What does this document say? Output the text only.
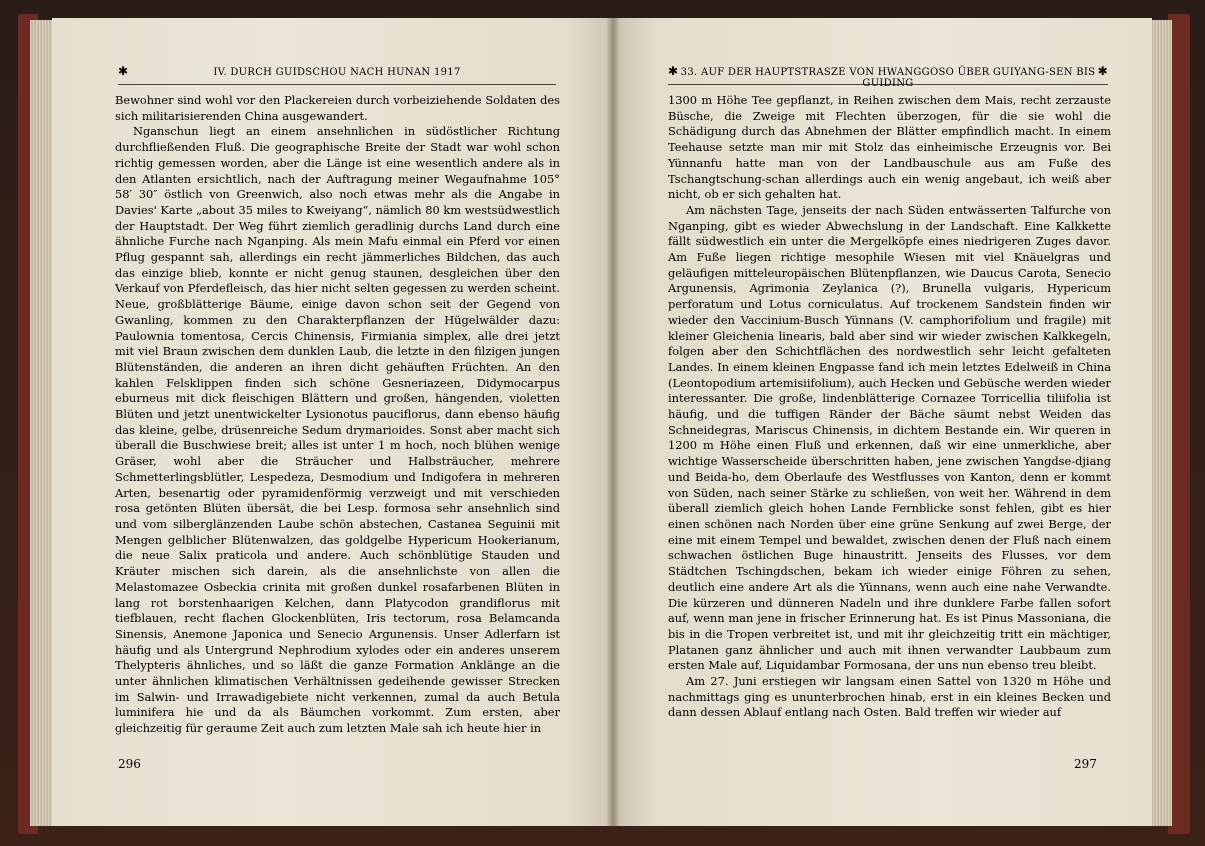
✱	IV. DURCH GUIDSCHOU NACH HUNAN 1917

Bewohner sind wohl vor den Plackereien durch vorbeiziehende Soldaten des sich militarisierenden China ausgewandert.

Nganschun liegt an einem ansehnlichen in südöstlicher Richtung durchfließenden Fluß. Die geographische Breite der Stadt war wohl schon richtig gemessen worden, aber die Länge ist eine wesentlich andere als in den Atlanten ersichtlich, nach der Auftragung meiner Wegaufnahme 105° 58′ 30″ östlich von Greenwich, also noch etwas mehr als die Angabe in Davies' Karte „about 35 miles to Kweiyang“, nämlich 80 km westsüdwestlich der Hauptstadt. Der Weg führt ziemlich geradlinig durchs Land durch eine ähnliche Furche nach Nganping. Als mein Mafu einmal ein Pferd vor einen Pflug gespannt sah, allerdings ein recht jämmerliches Bildchen, das auch das einzige blieb, konnte er nicht genug staunen, desgleichen über den Verkauf von Pferdefleisch, das hier nicht selten gegessen zu werden scheint. Neue, großblätterige Bäume, einige davon schon seit der Gegend von Gwanling, kommen zu den Charakterpflanzen der Hügelwälder dazu: Paulownia tomentosa, Cercis Chinensis, Firmiania simplex, alle drei jetzt mit viel Braun zwischen dem dunklen Laub, die letzte in den filzigen jungen Blütenständen, die anderen an ihren dicht gehäuften Früchten. An den kahlen Felsklippen finden sich schöne Gesneriazeen, Didymocarpus eburneus mit dick fleischigen Blättern und großen, hängenden, violetten Blüten und jetzt unentwickelter Lysionotus pauciflorus, dann ebenso häufig das kleine, gelbe, drüsenreiche Sedum drymarioides. Sonst aber macht sich überall die Buschwiese breit; alles ist unter 1 m hoch, noch blühen wenige Gräser, wohl aber die Sträucher und Halbsträucher, mehrere Schmetterlingsblütler, Lespedeza, Desmodium und Indigofera in mehreren Arten, besenartig oder pyramidenförmig verzweigt und mit verschieden rosa getönten Blüten übersät, die bei Lesp. formosa sehr ansehnlich sind und vom silberglänzenden Laube schön abstechen, Castanea Seguinii mit Mengen gelblicher Blütenwalzen, das goldgelbe Hypericum Hookerianum, die neue Salix praticola und andere. Auch schönblütige Stauden und Kräuter mischen sich darein, als die ansehnlichste von allen die Melastomazee Osbeckia crinita mit großen dunkel rosafarbenen Blüten in lang rot borstenhaarigen Kelchen, dann Platycodon grandiflorus mit tiefblauen, recht flachen Glockenblüten, Iris tectorum, rosa Belamcanda Sinensis, Anemone Japonica und Senecio Argunensis. Unser Adlerfarn ist häufig und als Untergrund Nephrodium xylodes oder ein anderes unserem Thelypteris ähnliches, und so läßt die ganze Formation Anklänge an die unter ähnlichen klimatischen Verhältnissen gedeihende gewisser Strecken im Salwin- und Irrawadigebiete nicht verkennen, zumal da auch Betula luminifera hie und da als Bäumchen vorkommt. Zum ersten, aber gleichzeitig für geraume Zeit auch zum letzten Male sah ich heute hier in

296
✱ 33. AUF DER HAUPTSTRASZE VON HWANGGOSO ÜBER GUIYANG-SEN BIS GUIDING
✱

1300 m Höhe Tee gepflanzt, in Reihen zwischen dem Mais, recht zerzauste Büsche, die Zweige mit Flechten überzogen, für die sie wohl die Schädigung durch das Abnehmen der Blätter empfindlich macht. In einem Teehause setzte man mir mit Stolz das einheimische Erzeugnis vor. Bei Yünnanfu hatte man von der Landbauschule aus am Fuße des Tschangtschung-schan allerdings auch ein wenig angebaut, ich weiß aber nicht, ob er sich gehalten hat.

Am nächsten Tage, jenseits der nach Süden entwässerten Talfurche von Nganping, gibt es wieder Abwechslung in der Landschaft. Eine Kalkkette fällt südwestlich ein unter die Mergelköpfe eines niedrigeren Zuges davor. Am Fuße liegen richtige mesophile Wiesen mit viel Knäuelgras und geläufigen mitteleuropäischen Blütenpflanzen, wie Daucus Carota, Senecio Argunensis, Agrimonia Zeylanica (?), Brunella vulgaris, Hypericum perforatum und Lotus corniculatus. Auf trockenem Sandstein finden wir wieder den Vaccinium-Busch Yünnans (V. camphorifolium und fragile) mit kleiner Gleichenia linearis, bald aber sind wir wieder zwischen Kalkkegeln, folgen aber den Schichtflächen des nordwestlich sehr leicht gefalteten Landes. In einem kleinen Engpasse fand ich mein letztes Edelweiß in China (Leontopodium artemisiifolium), auch Hecken und Gebüsche werden wieder interessanter. Die große, lindenblätterige Cornazee Torricellia tiliifolia ist häufig, und die tuffigen Ränder der Bäche säumt nebst Weiden das Schneidegras, Mariscus Chinensis, in dichtem Bestande ein. Wir queren in 1200 m Höhe einen Fluß und erkennen, daß wir eine unmerkliche, aber wichtige Wasserscheide überschritten haben, jene zwischen Yangdse-djiang und Beida-ho, dem Oberlaufe des Westflusses von Kanton, denn er kommt von Süden, nach seiner Stärke zu schließen, von weit her. Während in dem überall ziemlich gleich hohen Lande Fernblicke sonst fehlen, gibt es hier einen schönen nach Norden über eine grüne Senkung auf zwei Berge, der eine mit einem Tempel und bewaldet, zwischen denen der Fluß nach einem schwachen östlichen Buge hinaustritt. Jenseits des Flusses, vor dem Städtchen Tschingdschen, bekam ich wieder einige Föhren zu sehen, deutlich eine andere Art als die Yünnans, wenn auch eine nahe Verwandte. Die kürzeren und dünneren Nadeln und ihre dunklere Farbe fallen sofort auf, wenn man jene in frischer Erinnerung hat. Es ist Pinus Massoniana, die bis in die Tropen verbreitet ist, und mit ihr gleichzeitig tritt ein mächtiger, Platanen ganz ähnlicher und auch mit ihnen verwandter Laubbaum zum ersten Male auf, Liquidambar Formosana, der uns nun ebenso treu bleibt.

Am 27. Juni erstiegen wir langsam einen Sattel von 1320 m Höhe und nachmittags ging es ununterbrochen hinab, erst in ein kleines Becken und dann dessen Ablauf entlang nach Osten. Bald treffen wir wieder auf

297
